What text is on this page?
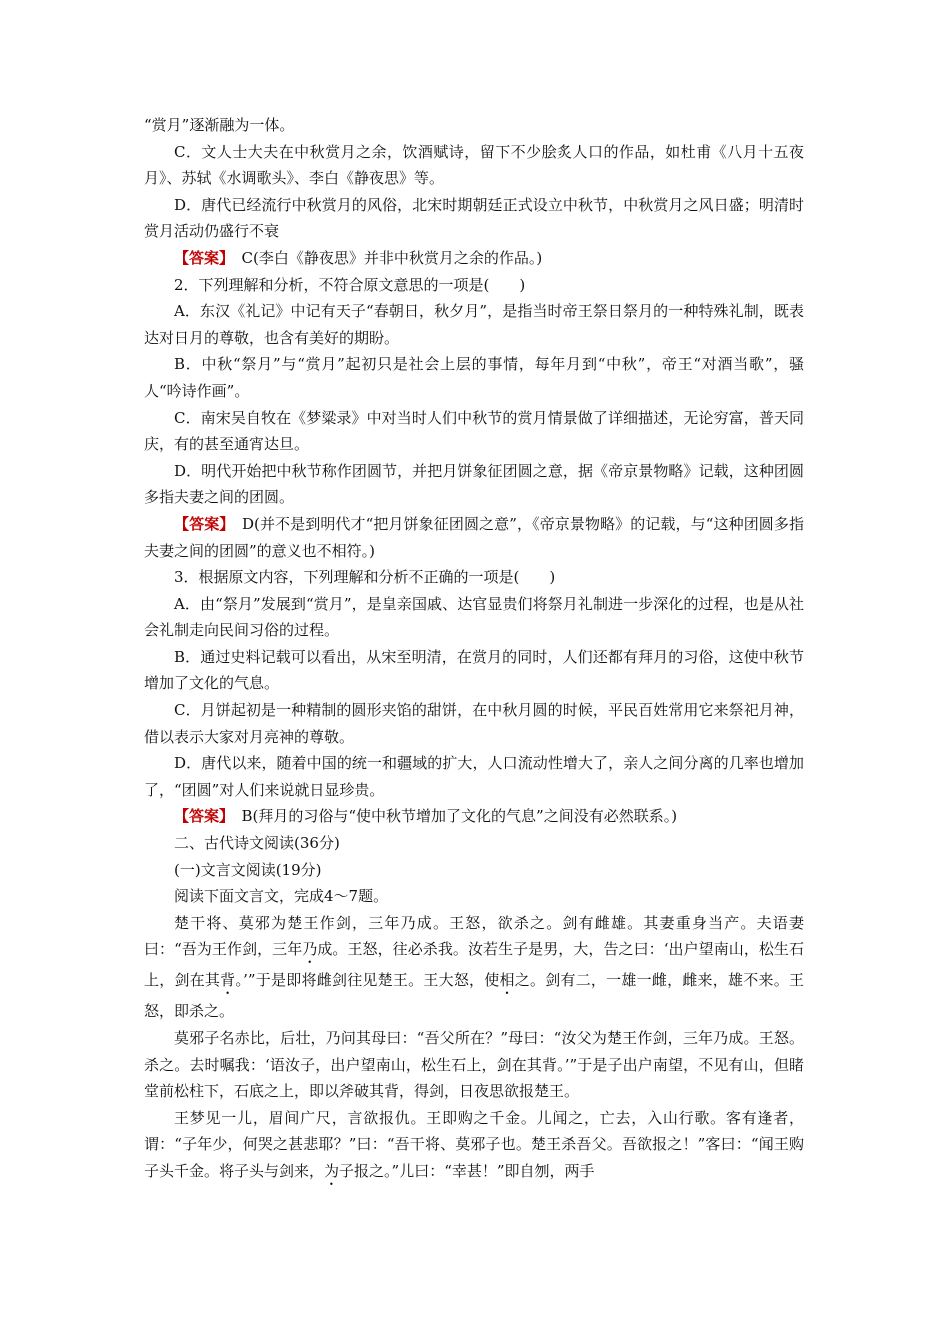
“赏月”逐渐融为一体。

C．文人士大夫在中秋赏月之余，饮酒赋诗，留下不少脍炙人口的作品，如杜甫《八月十五夜月》、苏轼《水调歌头》、李白《静夜思》等。

D．唐代已经流行中秋赏月的风俗，北宋时期朝廷正式设立中秋节，中秋赏月之风日盛；明清时赏月活动仍盛行不衰

【答案】　C(李白《静夜思》并非中秋赏月之余的作品。)

2．下列理解和分析，不符合原文意思的一项是(　　)

A．东汉《礼记》中记有天子“春朝日，秋夕月”，是指当时帝王祭日祭月的一种特殊礼制，既表达对日月的尊敬，也含有美好的期盼。

B．中秋“祭月”与“赏月”起初只是社会上层的事情，每年月到“中秋”，帝王“对酒当歌”，骚人“吟诗作画”。

C．南宋吴自牧在《梦粱录》中对当时人们中秋节的赏月情景做了详细描述，无论穷富，普天同庆，有的甚至通宵达旦。

D．明代开始把中秋节称作团圆节，并把月饼象征团圆之意，据《帝京景物略》记载，这种团圆多指夫妻之间的团圆。

【答案】　D(并不是到明代才“把月饼象征团圆之意”，《帝京景物略》的记载，与“这种团圆多指夫妻之间的团圆”的意义也不相符。)

3．根据原文内容，下列理解和分析不正确的一项是(　　)

A．由“祭月”发展到“赏月”，是皇亲国戚、达官显贵们将祭月礼制进一步深化的过程，也是从社会礼制走向民间习俗的过程。

B．通过史料记载可以看出，从宋至明清，在赏月的同时，人们还都有拜月的习俗，这使中秋节增加了文化的气息。

C．月饼起初是一种精制的圆形夹馅的甜饼，在中秋月圆的时候，平民百姓常用它来祭祀月神，借以表示大家对月亮神的尊敬。

D．唐代以来，随着中国的统一和疆域的扩大，人口流动性增大了，亲人之间分离的几率也增加了，“团圆”对人们来说就日显珍贵。

【答案】　B(拜月的习俗与“使中秋节增加了文化的气息”之间没有必然联系。)

二、古代诗文阅读(36分)

(一)文言文阅读(19分)

阅读下面文言文，完成4～7题。

楚干将、莫邪为楚王作剑，三年乃成。王怒，欲杀之。剑有雌雄。其妻重身当产。夫语妻曰：“吾为王作剑，三年乃成。王怒，往必杀我。汝若生子是男，大，告之曰：‘出户望南山，松生石上，剑在其背。’”于是即将雌剑往见楚王。王大怒，使相之。剑有二，一雄一雌，雌来，雄不来。王怒，即杀之。

莫邪子名赤比，后壮，乃问其母曰：“吾父所在？”母曰：“汝父为楚王作剑，三年乃成。王怒。杀之。去时嘱我：‘语汝子，出户望南山，松生石上，剑在其背。’”于是子出户南望，不见有山，但睹堂前松柱下，石底之上，即以斧破其背，得剑，日夜思欲报楚王。

王梦见一儿，眉间广尺，言欲报仇。王即购之千金。儿闻之，亡去，入山行歌。客有逢者，谓：“子年少，何哭之甚悲耶？”曰：“吾干将、莫邪子也。楚王杀吾父。吾欲报之！”客曰：“闻王购子头千金。将子头与剑来，为子报之。”儿曰：“幸甚！”即自刎，两手
